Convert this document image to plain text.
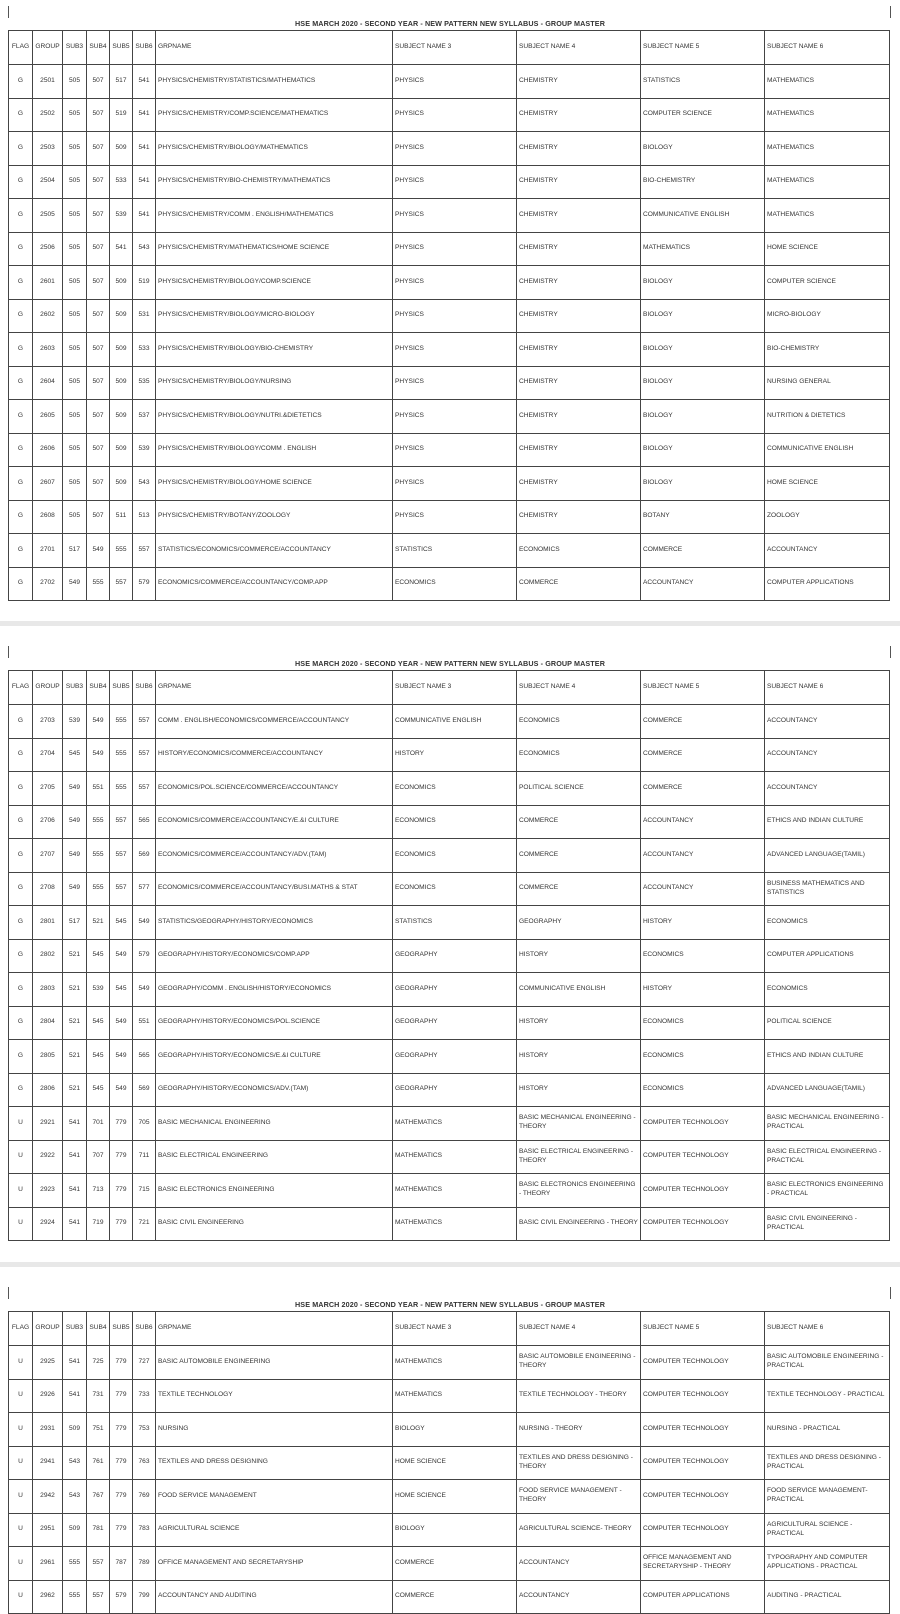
HSE MARCH 2020 - SECOND YEAR - NEW PATTERN NEW SYLLABUS - GROUP MASTER
FLAG	GROUP	SUB3	SUB4	SUB5	SUB6	GRPNAME	SUBJECT NAME 3	SUBJECT NAME 4	SUBJECT NAME 5	SUBJECT NAME 6
G	2501	505	507	517	541	PHYSICS/CHEMISTRY/STATISTICS/MATHEMATICS	PHYSICS	CHEMISTRY	STATISTICS	MATHEMATICS
G	2502	505	507	519	541	PHYSICS/CHEMISTRY/COMP.SCIENCE/MATHEMATICS	PHYSICS	CHEMISTRY	COMPUTER SCIENCE	MATHEMATICS
G	2503	505	507	509	541	PHYSICS/CHEMISTRY/BIOLOGY/MATHEMATICS	PHYSICS	CHEMISTRY	BIOLOGY	MATHEMATICS
G	2504	505	507	533	541	PHYSICS/CHEMISTRY/BIO-CHEMISTRY/MATHEMATICS	PHYSICS	CHEMISTRY	BIO-CHEMISTRY	MATHEMATICS
G	2505	505	507	539	541	PHYSICS/CHEMISTRY/COMM . ENGLISH/MATHEMATICS	PHYSICS	CHEMISTRY	COMMUNICATIVE ENGLISH	MATHEMATICS
G	2506	505	507	541	543	PHYSICS/CHEMISTRY/MATHEMATICS/HOME SCIENCE	PHYSICS	CHEMISTRY	MATHEMATICS	HOME SCIENCE
G	2601	505	507	509	519	PHYSICS/CHEMISTRY/BIOLOGY/COMP.SCIENCE	PHYSICS	CHEMISTRY	BIOLOGY	COMPUTER SCIENCE
G	2602	505	507	509	531	PHYSICS/CHEMISTRY/BIOLOGY/MICRO-BIOLOGY	PHYSICS	CHEMISTRY	BIOLOGY	MICRO-BIOLOGY
G	2603	505	507	509	533	PHYSICS/CHEMISTRY/BIOLOGY/BIO-CHEMISTRY	PHYSICS	CHEMISTRY	BIOLOGY	BIO-CHEMISTRY
G	2604	505	507	509	535	PHYSICS/CHEMISTRY/BIOLOGY/NURSING	PHYSICS	CHEMISTRY	BIOLOGY	NURSING GENERAL
G	2605	505	507	509	537	PHYSICS/CHEMISTRY/BIOLOGY/NUTRI.&DIETETICS	PHYSICS	CHEMISTRY	BIOLOGY	NUTRITION & DIETETICS
G	2606	505	507	509	539	PHYSICS/CHEMISTRY/BIOLOGY/COMM . ENGLISH	PHYSICS	CHEMISTRY	BIOLOGY	COMMUNICATIVE ENGLISH
G	2607	505	507	509	543	PHYSICS/CHEMISTRY/BIOLOGY/HOME SCIENCE	PHYSICS	CHEMISTRY	BIOLOGY	HOME SCIENCE
G	2608	505	507	511	513	PHYSICS/CHEMISTRY/BOTANY/ZOOLOGY	PHYSICS	CHEMISTRY	BOTANY	ZOOLOGY
G	2701	517	549	555	557	STATISTICS/ECONOMICS/COMMERCE/ACCOUNTANCY	STATISTICS	ECONOMICS	COMMERCE	ACCOUNTANCY
G	2702	549	555	557	579	ECONOMICS/COMMERCE/ACCOUNTANCY/COMP.APP	ECONOMICS	COMMERCE	ACCOUNTANCY	COMPUTER APPLICATIONS
HSE MARCH 2020 - SECOND YEAR - NEW PATTERN NEW SYLLABUS - GROUP MASTER
FLAG	GROUP	SUB3	SUB4	SUB5	SUB6	GRPNAME	SUBJECT NAME 3	SUBJECT NAME 4	SUBJECT NAME 5	SUBJECT NAME 6
G	2703	539	549	555	557	COMM . ENGLISH/ECONOMICS/COMMERCE/ACCOUNTANCY	COMMUNICATIVE ENGLISH	ECONOMICS	COMMERCE	ACCOUNTANCY
G	2704	545	549	555	557	HISTORY/ECONOMICS/COMMERCE/ACCOUNTANCY	HISTORY	ECONOMICS	COMMERCE	ACCOUNTANCY
G	2705	549	551	555	557	ECONOMICS/POL.SCIENCE/COMMERCE/ACCOUNTANCY	ECONOMICS	POLITICAL SCIENCE	COMMERCE	ACCOUNTANCY
G	2706	549	555	557	565	ECONOMICS/COMMERCE/ACCOUNTANCY/E.&I CULTURE	ECONOMICS	COMMERCE	ACCOUNTANCY	ETHICS AND INDIAN CULTURE
G	2707	549	555	557	569	ECONOMICS/COMMERCE/ACCOUNTANCY/ADV.(TAM)	ECONOMICS	COMMERCE	ACCOUNTANCY	ADVANCED LANGUAGE(TAMIL)
G	2708	549	555	557	577	ECONOMICS/COMMERCE/ACCOUNTANCY/BUSI.MATHS & STAT	ECONOMICS	COMMERCE	ACCOUNTANCY	BUSINESS MATHEMATICS AND STATISTICS
G	2801	517	521	545	549	STATISTICS/GEOGRAPHY/HISTORY/ECONOMICS	STATISTICS	GEOGRAPHY	HISTORY	ECONOMICS
G	2802	521	545	549	579	GEOGRAPHY/HISTORY/ECONOMICS/COMP.APP	GEOGRAPHY	HISTORY	ECONOMICS	COMPUTER APPLICATIONS
G	2803	521	539	545	549	GEOGRAPHY/COMM . ENGLISH/HISTORY/ECONOMICS	GEOGRAPHY	COMMUNICATIVE ENGLISH	HISTORY	ECONOMICS
G	2804	521	545	549	551	GEOGRAPHY/HISTORY/ECONOMICS/POL.SCIENCE	GEOGRAPHY	HISTORY	ECONOMICS	POLITICAL SCIENCE
G	2805	521	545	549	565	GEOGRAPHY/HISTORY/ECONOMICS/E.&I CULTURE	GEOGRAPHY	HISTORY	ECONOMICS	ETHICS AND INDIAN CULTURE
G	2806	521	545	549	569	GEOGRAPHY/HISTORY/ECONOMICS/ADV.(TAM)	GEOGRAPHY	HISTORY	ECONOMICS	ADVANCED LANGUAGE(TAMIL)
U	2921	541	701	779	705	BASIC MECHANICAL ENGINEERING	MATHEMATICS	BASIC MECHANICAL ENGINEERING - THEORY	COMPUTER TECHNOLOGY	BASIC MECHANICAL ENGINEERING - PRACTICAL
U	2922	541	707	779	711	BASIC ELECTRICAL ENGINEERING	MATHEMATICS	BASIC ELECTRICAL ENGINEERING - THEORY	COMPUTER TECHNOLOGY	BASIC ELECTRICAL ENGINEERING - PRACTICAL
U	2923	541	713	779	715	BASIC ELECTRONICS ENGINEERING	MATHEMATICS	BASIC ELECTRONICS ENGINEERING - THEORY	COMPUTER TECHNOLOGY	BASIC ELECTRONICS ENGINEERING - PRACTICAL
U	2924	541	719	779	721	BASIC CIVIL ENGINEERING	MATHEMATICS	BASIC CIVIL ENGINEERING - THEORY	COMPUTER TECHNOLOGY	BASIC CIVIL ENGINEERING - PRACTICAL
HSE MARCH 2020 - SECOND YEAR - NEW PATTERN NEW SYLLABUS - GROUP MASTER
FLAG	GROUP	SUB3	SUB4	SUB5	SUB6	GRPNAME	SUBJECT NAME 3	SUBJECT NAME 4	SUBJECT NAME 5	SUBJECT NAME 6
U	2925	541	725	779	727	BASIC AUTOMOBILE ENGINEERING	MATHEMATICS	BASIC AUTOMOBILE ENGINEERING - THEORY	COMPUTER TECHNOLOGY	BASIC AUTOMOBILE ENGINEERING - PRACTICAL
U	2926	541	731	779	733	TEXTILE TECHNOLOGY	MATHEMATICS	TEXTILE TECHNOLOGY - THEORY	COMPUTER TECHNOLOGY	TEXTILE TECHNOLOGY - PRACTICAL
U	2931	509	751	779	753	NURSING	BIOLOGY	NURSING - THEORY	COMPUTER TECHNOLOGY	NURSING - PRACTICAL
U	2941	543	761	779	763	TEXTILES AND DRESS DESIGNING	HOME SCIENCE	TEXTILES AND DRESS DESIGNING - THEORY	COMPUTER TECHNOLOGY	TEXTILES AND DRESS DESIGNING - PRACTICAL
U	2942	543	767	779	769	FOOD SERVICE MANAGEMENT	HOME SCIENCE	FOOD SERVICE MANAGEMENT - THEORY	COMPUTER TECHNOLOGY	FOOD SERVICE MANAGEMENT- PRACTICAL
U	2951	509	781	779	783	AGRICULTURAL SCIENCE	BIOLOGY	AGRICULTURAL SCIENCE- THEORY	COMPUTER TECHNOLOGY	AGRICULTURAL SCIENCE - PRACTICAL
U	2961	555	557	787	789	OFFICE MANAGEMENT AND SECRETARYSHIP	COMMERCE	ACCOUNTANCY	OFFICE MANAGEMENT AND SECRETARYSHIP - THEORY	TYPOGRAPHY AND COMPUTER APPLICATIONS - PRACTICAL
U	2962	555	557	579	799	ACCOUNTANCY AND AUDITING	COMMERCE	ACCOUNTANCY	COMPUTER APPLICATIONS	AUDITING - PRACTICAL
